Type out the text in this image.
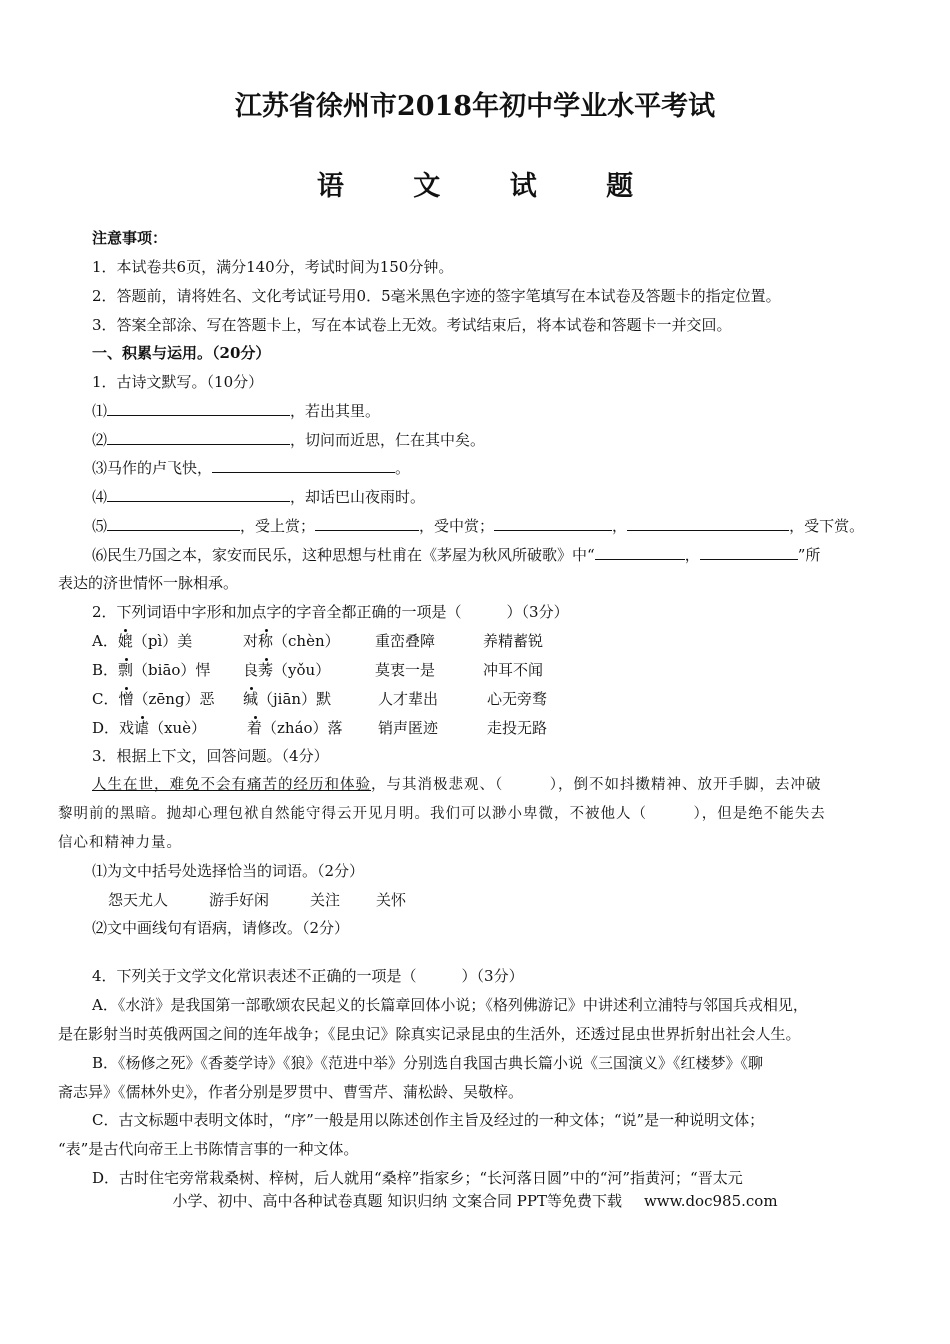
江苏省徐州市2018年初中学业水平考试
语 文 试 题

注意事项：

1．本试卷共6页，满分140分，考试时间为150分钟。

2．答题前，请将姓名、文化考试证号用0．5毫米黑色字迹的签字笔填写在本试卷及答题卡的指定位置。

3．答案全部涂、写在答题卡上，写在本试卷上无效。考试结束后，将本试卷和答题卡一并交回。

一、积累与运用。（20分）

1．古诗文默写。（10分）

⑴	，若出其里。

⑵	，切问而近思，仁在其中矣。

⑶马作的卢飞快，	。

⑷	，却话巴山夜雨时。

⑸	，受上赏；	，受中赏；	，	，受下赏。

⑹民生乃国之本，家安而民乐，这种思想与杜甫在《茅屋为秋风所破歌》中“	，	”所

表达的济世情怀一脉相承。

2．下列词语中字形和加点字的字音全都正确的一项是（　　　）（3分）

A．媲（pì）美	对称（chèn） 重峦叠障	养精蓄锐
B．剽（biāo）悍 良莠（yǒu）	莫衷一是	冲耳不闻
C．憎（zēng）恶 缄（jiān）默	人才辈出	心无旁骛
D．戏谑（xuè）	着（zháo）落 销声匿迹	走投无路

3．根据上下文，回答问题。（4分）

人生在世，难免不会有痛苦的经历和体验，与其消极悲观、（　　　），倒不如抖擞精神、放开手脚，去冲破

黎明前的黑暗。抛却心理包袱自然能守得云开见月明。我们可以渺小卑微，不被他人（　　　），但是绝不能失去

信心和精神力量。

⑴为文中括号处选择恰当的词语。（2分）

怨天尤人	游手好闲	关注 关怀

⑵文中画线句有语病，请修改。（2分）

4．下列关于文学文化常识表述不正确的一项是（　　　）（3分）

A．《水浒》是我国第一部歌颂农民起义的长篇章回体小说；《格列佛游记》中讲述利立浦特与邻国兵戎相见，

是在影射当时英俄两国之间的连年战争；《昆虫记》除真实记录昆虫的生活外，还透过昆虫世界折射出社会人生。

B．《杨修之死》《香菱学诗》《狼》《范进中举》分别选自我国古典长篇小说《三国演义》《红楼梦》《聊

斋志异》《儒林外史》，作者分别是罗贯中、曹雪芹、蒲松龄、吴敬梓。

C．古文标题中表明文体时，“序”一般是用以陈述创作主旨及经过的一种文体；“说”是一种说明文体；

“表”是古代向帝王上书陈情言事的一种文体。

D．古时住宅旁常栽桑树、梓树，后人就用“桑梓”指家乡；“长河落日圆”中的“河”指黄河；“晋太元

小学、初中、高中各种试卷真题 知识归纳 文案合同 PPT等免费下载 www.doc985.com
